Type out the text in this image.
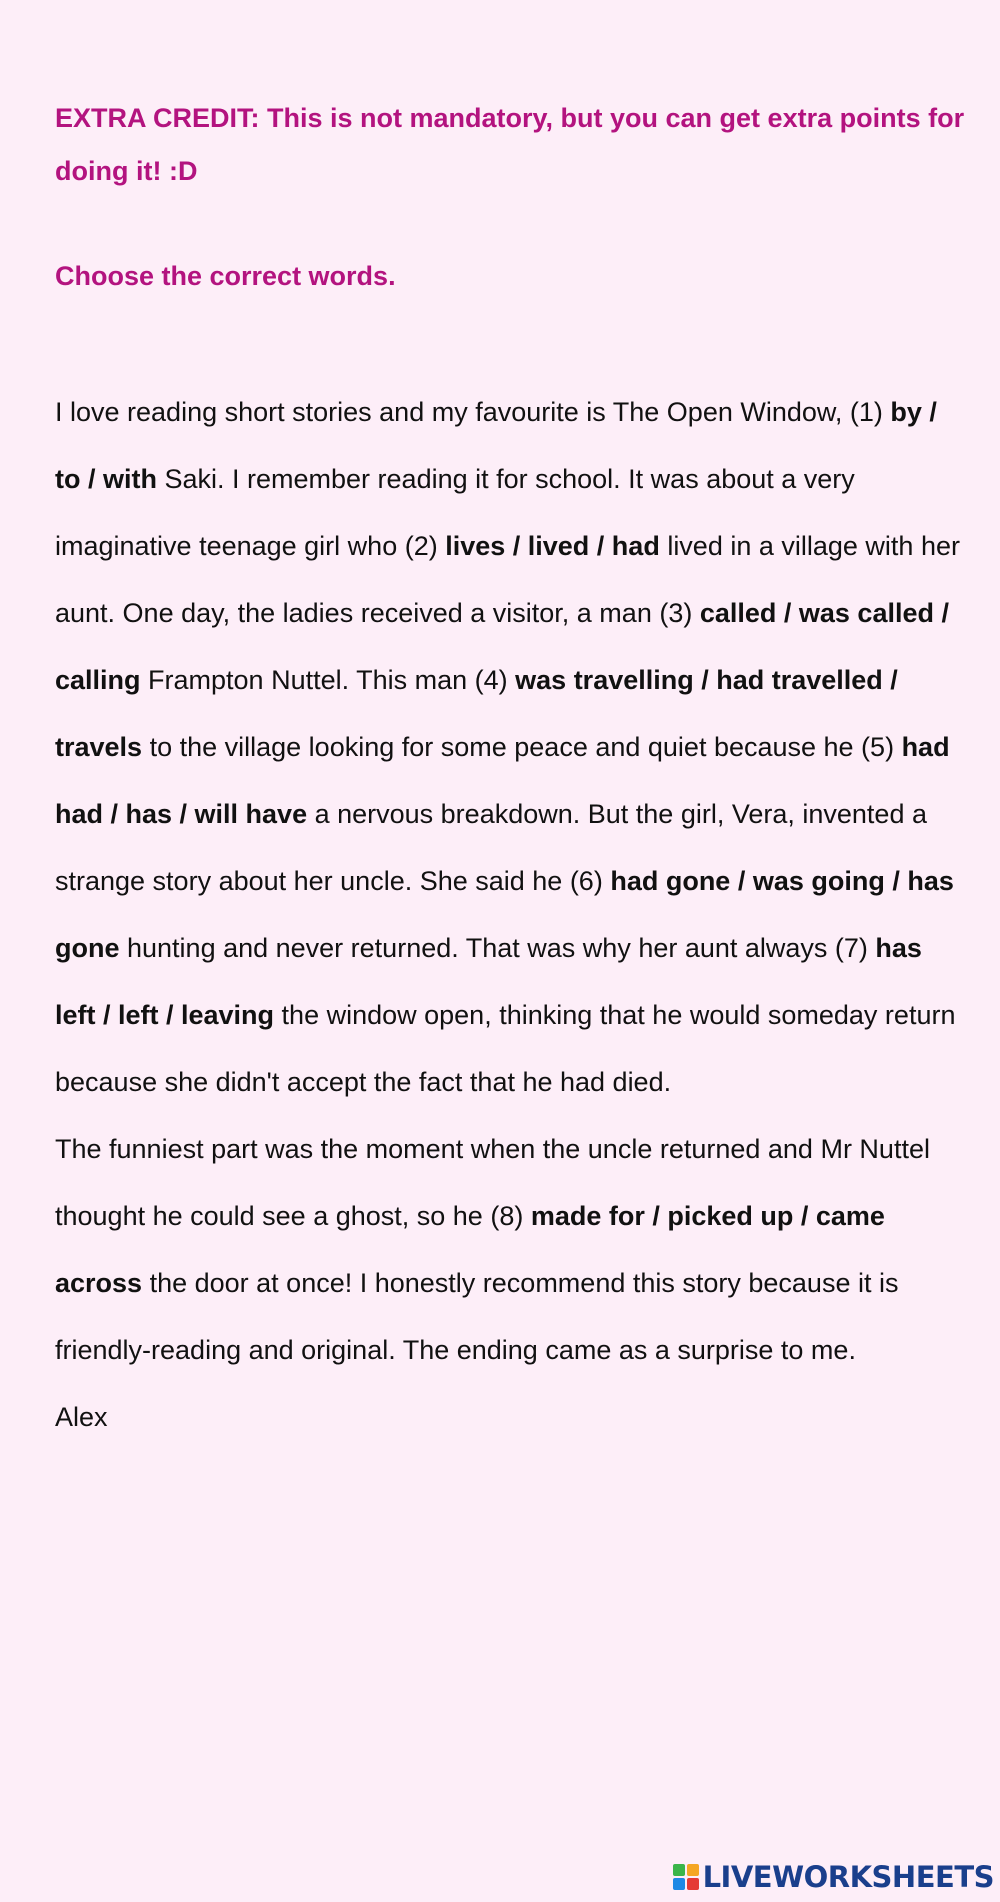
EXTRA CREDIT: This is not mandatory, but you can get extra points for doing it! :D

Choose the correct words.

I love reading short stories and my favourite is The Open Window, (1) by / to / with Saki. I remember reading it for school. It was about a very imaginative teenage girl who (2) lives / lived / had lived in a village with her aunt. One day, the ladies received a visitor, a man (3) called / was called / calling Frampton Nuttel. This man (4) was travelling / had travelled / travels to the village looking for some peace and quiet because he (5) had had / has / will have a nervous breakdown. But the girl, Vera, invented a strange story about her uncle. She said he (6) had gone / was going / has gone hunting and never returned. That was why her aunt always (7) has left / left / leaving the window open, thinking that he would someday return because she didn't accept the fact that he had died.

The funniest part was the moment when the uncle returned and Mr Nuttel thought he could see a ghost, so he (8) made for / picked up / came across the door at once! I honestly recommend this story because it is friendly-reading and original. The ending came as a surprise to me.

Alex

LIVEWORKSHEETS
